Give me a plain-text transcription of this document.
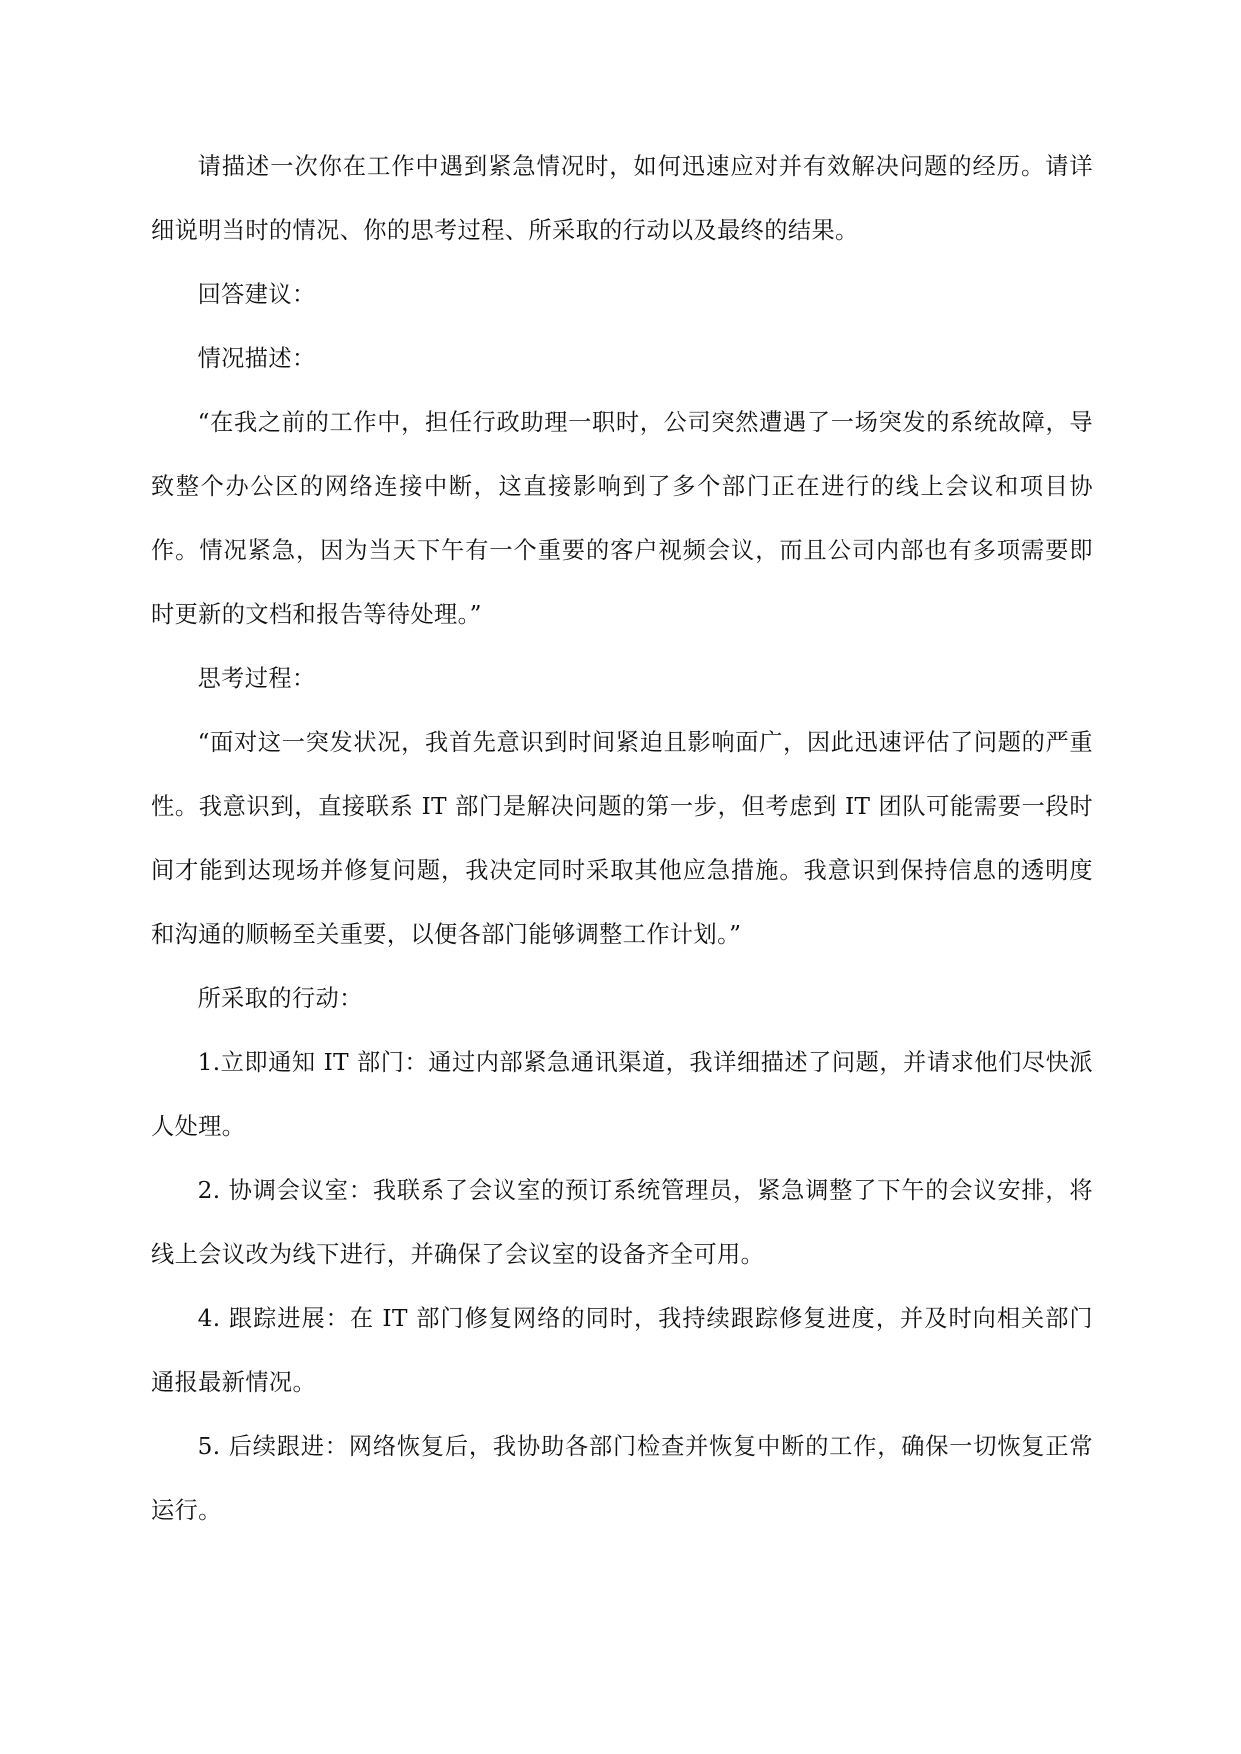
请描述一次你在工作中遇到紧急情况时，如何迅速应对并有效解决问题的经历。请详细说明当时的情况、你的思考过程、所采取的行动以及最终的结果。

回答建议：

情况描述：

“在我之前的工作中，担任行政助理一职时，公司突然遭遇了一场突发的系统故障，导致整个办公区的网络连接中断，这直接影响到了多个部门正在进行的线上会议和项目协作。情况紧急，因为当天下午有一个重要的客户视频会议，而且公司内部也有多项需要即时更新的文档和报告等待处理。”

思考过程：

“面对这一突发状况，我首先意识到时间紧迫且影响面广，因此迅速评估了问题的严重性。我意识到，直接联系 IT 部门是解决问题的第一步，但考虑到 IT 团队可能需要一段时间才能到达现场并修复问题，我决定同时采取其他应急措施。我意识到保持信息的透明度和沟通的顺畅至关重要，以便各部门能够调整工作计划。”

所采取的行动：

1.立即通知 IT 部门：通过内部紧急通讯渠道，我详细描述了问题，并请求他们尽快派人处理。

2. 协调会议室：我联系了会议室的预订系统管理员，紧急调整了下午的会议安排，将线上会议改为线下进行，并确保了会议室的设备齐全可用。

4. 跟踪进展：在 IT 部门修复网络的同时，我持续跟踪修复进度，并及时向相关部门通报最新情况。

5. 后续跟进：网络恢复后，我协助各部门检查并恢复中断的工作，确保一切恢复正常运行。
